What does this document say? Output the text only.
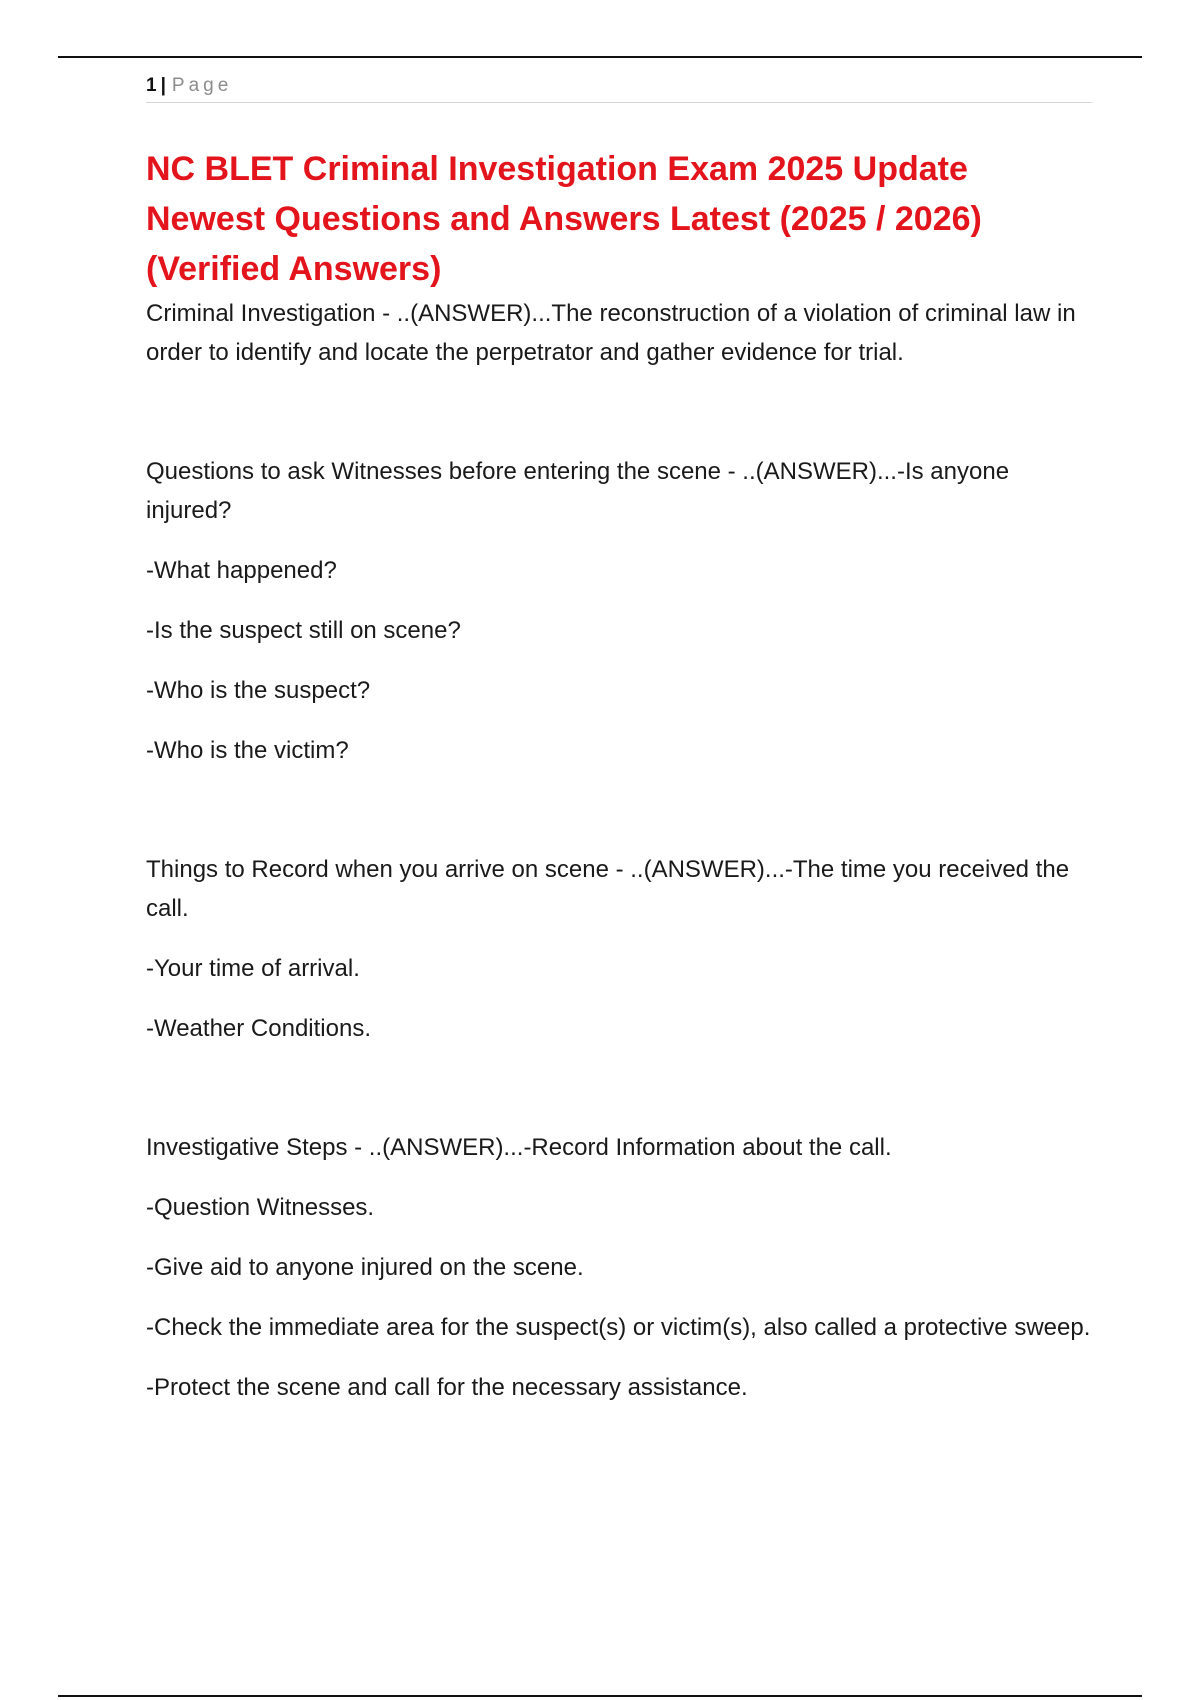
1 | Page
NC BLET Criminal Investigation Exam 2025 Update
Newest Questions and Answers Latest (2025 / 2026)
(Verified Answers)

Criminal Investigation - ..(ANSWER)...The reconstruction of a violation of criminal law in order to identify and locate the perpetrator and gather evidence for trial.

Questions to ask Witnesses before entering the scene - ..(ANSWER)...-Is anyone injured?

-What happened?

-Is the suspect still on scene?

-Who is the suspect?

-Who is the victim?

Things to Record when you arrive on scene - ..(ANSWER)...-The time you received the call.

-Your time of arrival.

-Weather Conditions.

Investigative Steps - ..(ANSWER)...-Record Information about the call.

-Question Witnesses.

-Give aid to anyone injured on the scene.

-Check the immediate area for the suspect(s) or victim(s), also called a protective sweep.

-Protect the scene and call for the necessary assistance.
